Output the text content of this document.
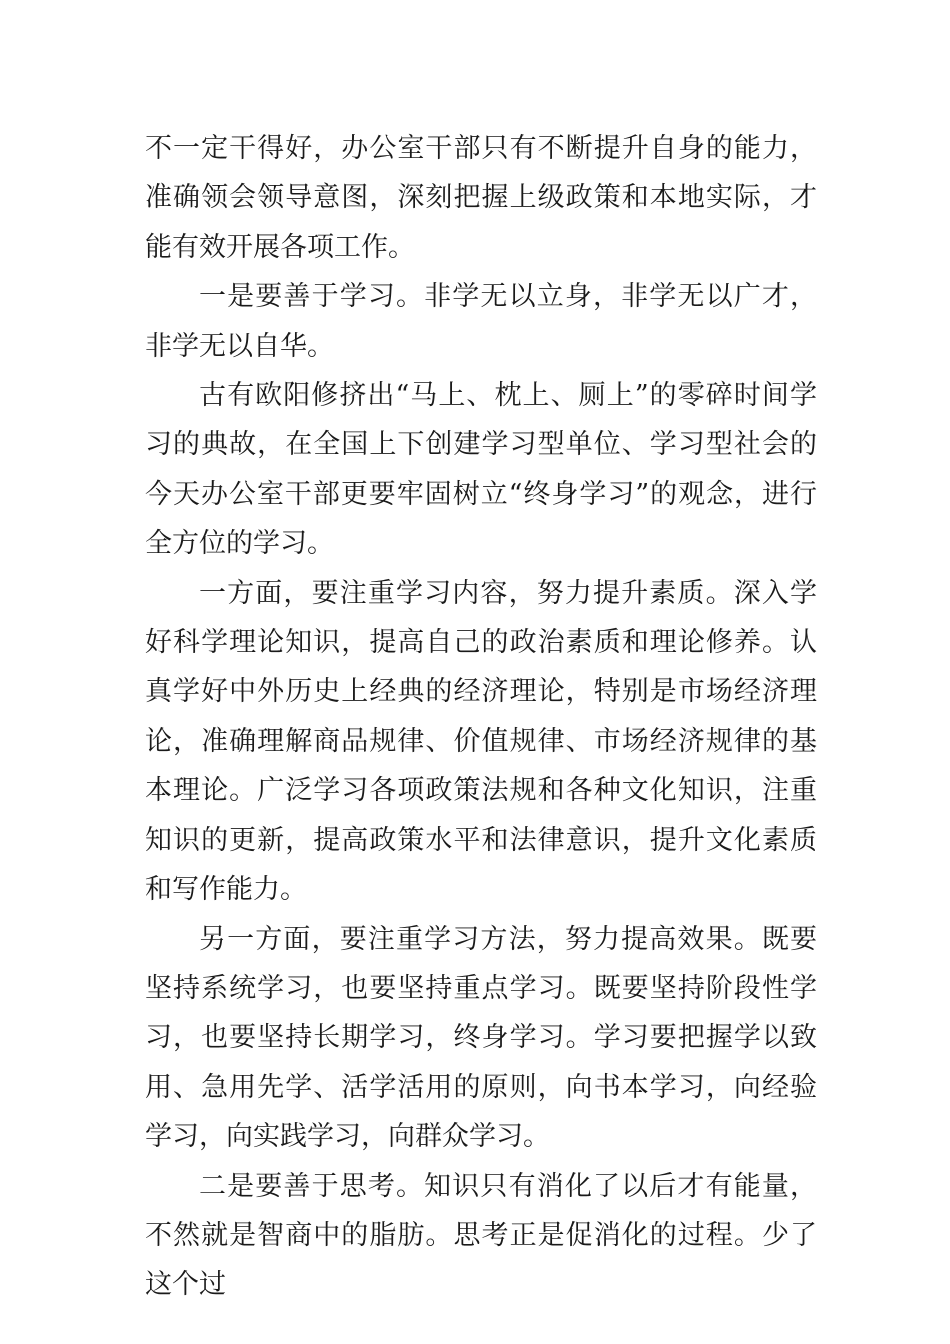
不一定干得好，办公室干部只有不断提升自身的能力，准确领会领导意图，深刻把握上级政策和本地实际，才能有效开展各项工作。

一是要善于学习。非学无以立身，非学无以广才，非学无以自华。

古有欧阳修挤出“马上、枕上、厕上”的零碎时间学习的典故，在全国上下创建学习型单位、学习型社会的今天办公室干部更要牢固树立“终身学习”的观念，进行全方位的学习。

一方面，要注重学习内容，努力提升素质。深入学好科学理论知识，提高自己的政治素质和理论修养。认真学好中外历史上经典的经济理论，特别是市场经济理论，准确理解商品规律、价值规律、市场经济规律的基本理论。广泛学习各项政策法规和各种文化知识，注重知识的更新，提高政策水平和法律意识，提升文化素质和写作能力。

另一方面，要注重学习方法，努力提高效果。既要坚持系统学习，也要坚持重点学习。既要坚持阶段性学习，也要坚持长期学习，终身学习。学习要把握学以致用、急用先学、活学活用的原则，向书本学习，向经验学习，向实践学习，向群众学习。

二是要善于思考。知识只有消化了以后才有能量，不然就是智商中的脂肪。思考正是促消化的过程。少了这个过
